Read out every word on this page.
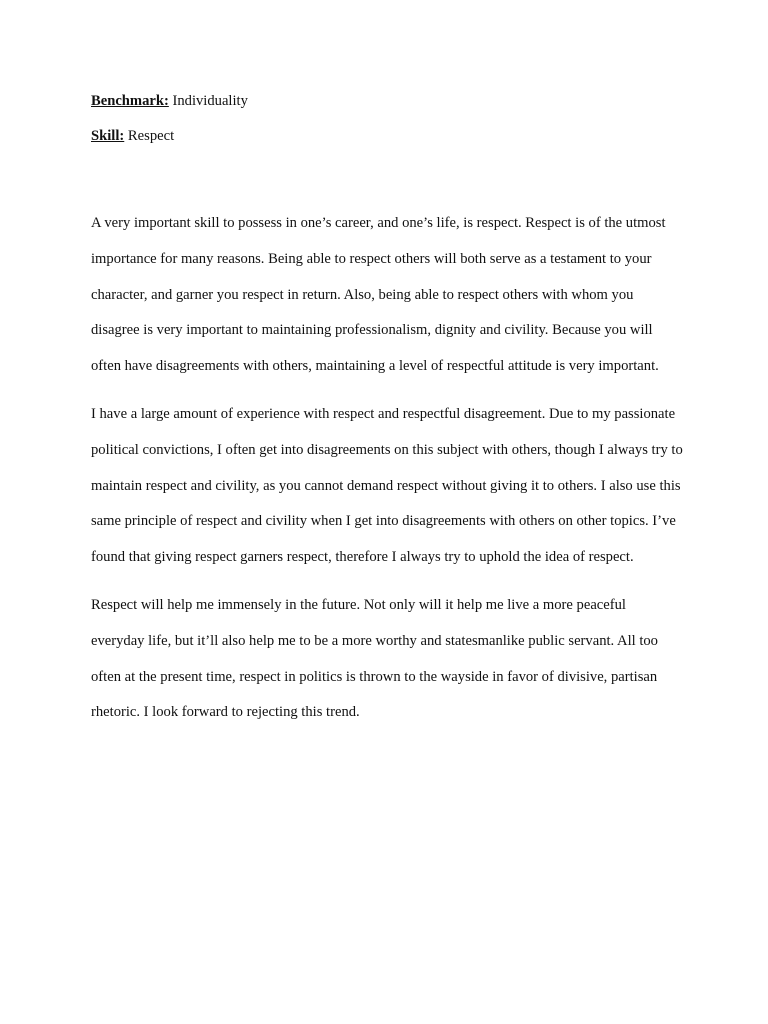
Benchmark: Individuality

Skill: Respect

A very important skill to possess in one’s career, and one’s life, is respect. Respect is of the utmost importance for many reasons. Being able to respect others will both serve as a testament to your character, and garner you respect in return. Also, being able to respect others with whom you disagree is very important to maintaining professionalism, dignity and civility. Because you will often have disagreements with others, maintaining a level of respectful attitude is very important.

I have a large amount of experience with respect and respectful disagreement. Due to my passionate political convictions, I often get into disagreements on this subject with others, though I always try to maintain respect and civility, as you cannot demand respect without giving it to others. I also use this same principle of respect and civility when I get into disagreements with others on other topics. I’ve found that giving respect garners respect, therefore I always try to uphold the idea of respect.

Respect will help me immensely in the future. Not only will it help me live a more peaceful everyday life, but it’ll also help me to be a more worthy and statesmanlike public servant. All too often at the present time, respect in politics is thrown to the wayside in favor of divisive, partisan rhetoric. I look forward to rejecting this trend.
